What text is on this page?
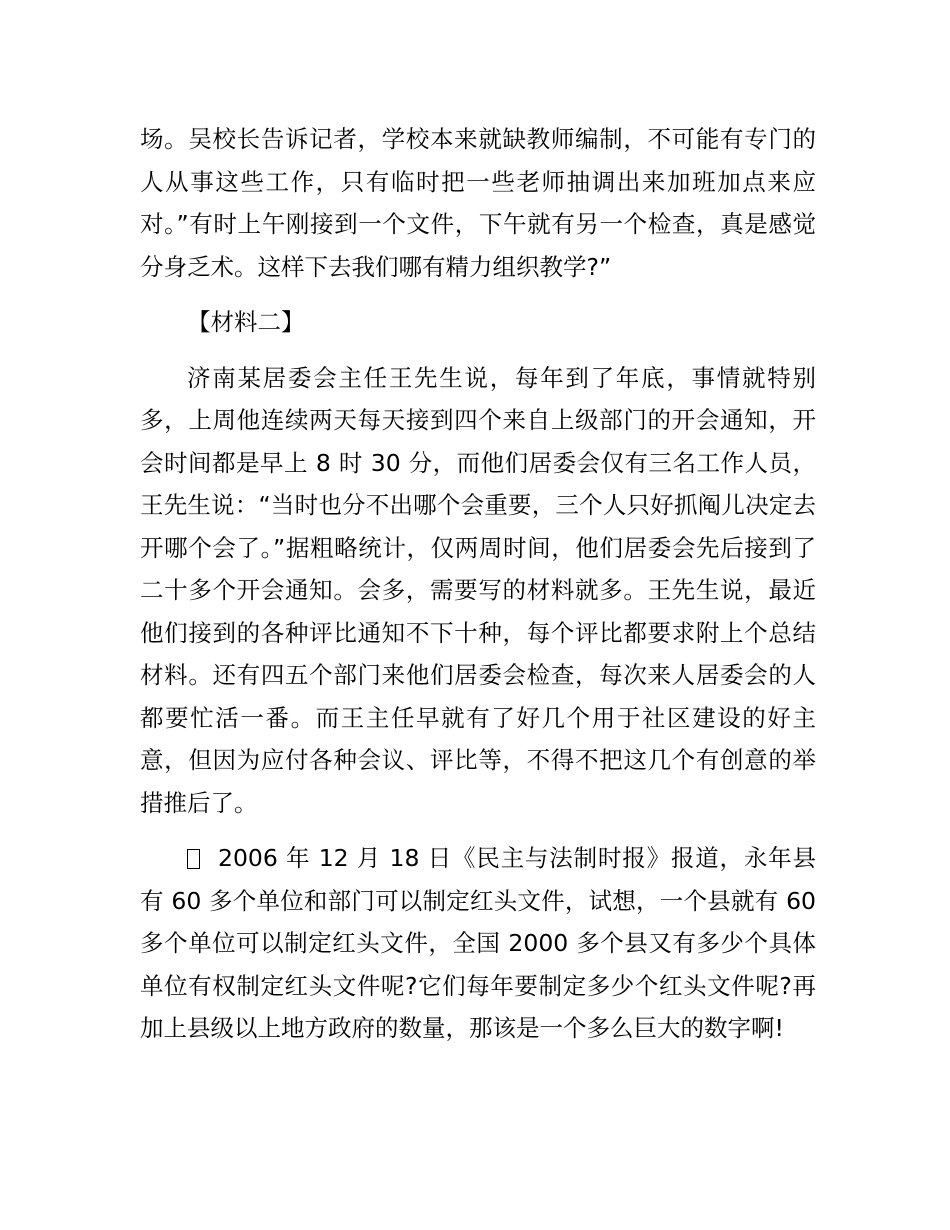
场。吴校长告诉记者，学校本来就缺教师编制，不可能有专门的人从事这些工作，只有临时把一些老师抽调出来加班加点来应对。”有时上午刚接到一个文件，下午就有另一个检查，真是感觉分身乏术。这样下去我们哪有精力组织教学?”

【材料二】

济南某居委会主任王先生说，每年到了年底，事情就特别多，上周他连续两天每天接到四个来自上级部门的开会通知，开会时间都是早上 8 时 30 分，而他们居委会仅有三名工作人员，王先生说：“当时也分不出哪个会重要，三个人只好抓阄儿决定去开哪个会了。”据粗略统计，仅两周时间，他们居委会先后接到了二十多个开会通知。会多，需要写的材料就多。王先生说，最近他们接到的各种评比通知不下十种，每个评比都要求附上个总结材料。还有四五个部门来他们居委会检查，每次来人居委会的人都要忙活一番。而王主任早就有了好几个用于社区建设的好主意，但因为应付各种会议、评比等，不得不把这几个有创意的举措推后了。

2006 年 12 月 18 日《民主与法制时报》报道，永年县有 60 多个单位和部门可以制定红头文件，试想，一个县就有 60 多个单位可以制定红头文件，全国 2000 多个县又有多少个具体单位有权制定红头文件呢?它们每年要制定多少个红头文件呢?再加上县级以上地方政府的数量，那该是一个多么巨大的数字啊!
